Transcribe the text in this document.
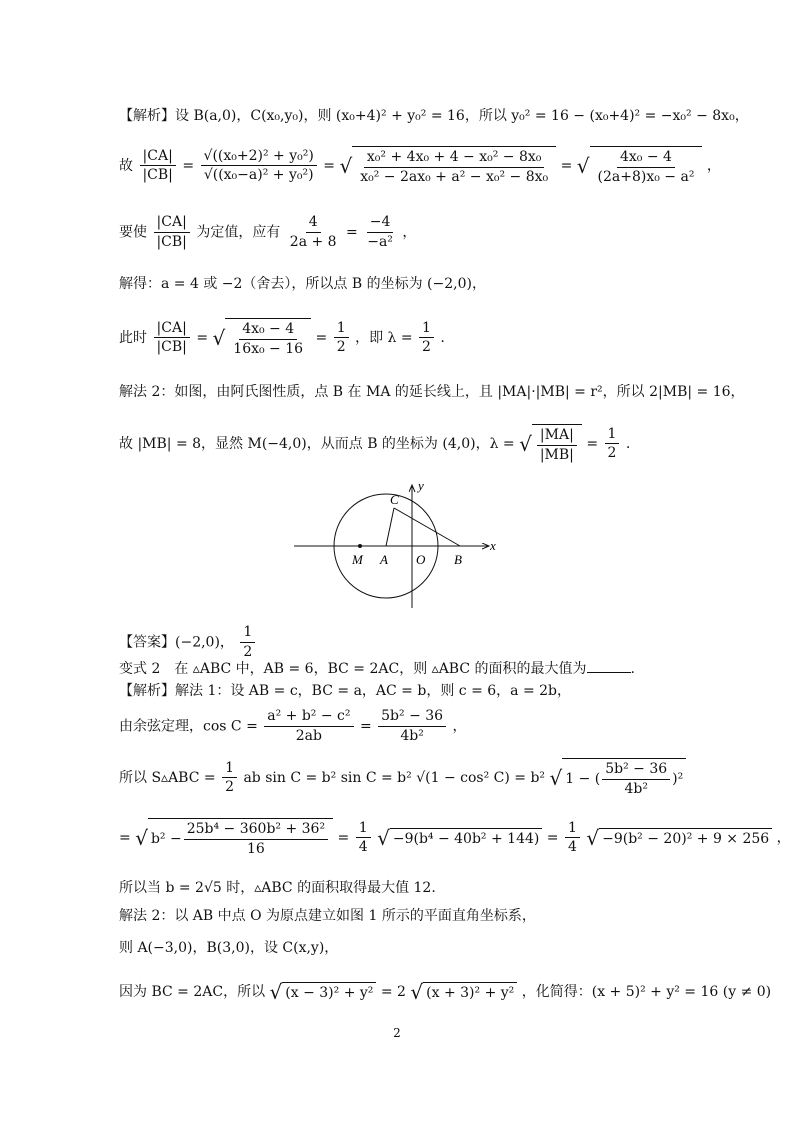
【解析】设 B(a,0)，C(x₀,y₀)，则 (x₀+4)² + y₀² = 16，所以 y₀² = 16 − (x₀+4)² = −x₀² − 8x₀，
故 $\frac{|CA|}{|CB|} = \frac{\text{√((x₀+2)² + y₀²)}}{\text{√((x₀−a)² + y₀²)}}$ = √ $\frac{\text{x₀² + 4x₀ + 4 − x₀² − 8x₀}}{\text{x₀² − 2ax₀ + a² − x₀² − 8x₀}}$ = √ $\frac{\text{4x₀ − 4}}{\text{(2a+8)x₀ − a²}}$ ，
要使 $\frac{|CA|}{|CB|}$ 为定值，应有 $\frac{4}{2a + 8} = \frac{-4}{\text{−a²}}$ ，
解得：a = 4 或 −2（舍去），所以点 B 的坐标为 (−2,0)，
此时 $\frac{|CA|}{|CB|}$ = √ $\frac{\text{4x₀ − 4}}{\text{16x₀ − 16}} = \frac{1}{2}$ ，即 $\lambda = \frac{1}{2}$ .
解法 2：如图，由阿氏图性质，点 B 在 MA 的延长线上，且 |MA|·|MB| = r²，所以 2|MB| = 16，
故 |MB| = 8，显然 M(−4,0)，从而点 B 的坐标为 (4,0)，λ = √ $\frac{|MA|}{|MB|} = \frac{1}{2}$ .
C
y
x
M A O B
【答案】(−2,0)， $\frac{1}{2}$
变式 2　在 ▵ABC 中，AB = 6，BC = 2AC，则 ▵ABC 的面积的最大值为	.
【解析】解法 1：设 AB = c，BC = a，AC = b，则 c = 6，a = 2b，
由余弦定理，$\cos C = \frac{\text{a² + b² − c²}}{2ab} = \frac{\text{5b² − 36}}{\text{4b²}}$ ，
所以 S▵ABC = $\frac{1}{2}$ ab sin C = b² sin C = b² √(1 − cos² C) = b² √ 1 − ( $\frac{\text{5b² − 36}}{\text{4b²}} )^2$
= √ $b^2 - \frac{\text{25b⁴ − 360b² + 36²}}{16} = \frac{1}{4}$
√ $-9(b^4 - 40b^2 + 144) = \frac{1}{4}$
√ −9(b² − 20)² + 9 × 256 ，
所以当 b = 2√5 时，▵ABC 的面积取得最大值 12.
解法 2：以 AB 中点 O 为原点建立如图 1 所示的平面直角坐标系，
则 A(−3,0)，B(3,0)，设 C(x,y)，
因为 BC = 2AC，所以 √ (x − 3)² + y² = 2 √ (x + 3)² + y² ，化简得：(x + 5)² + y² = 16 (y ≠ 0)
2
